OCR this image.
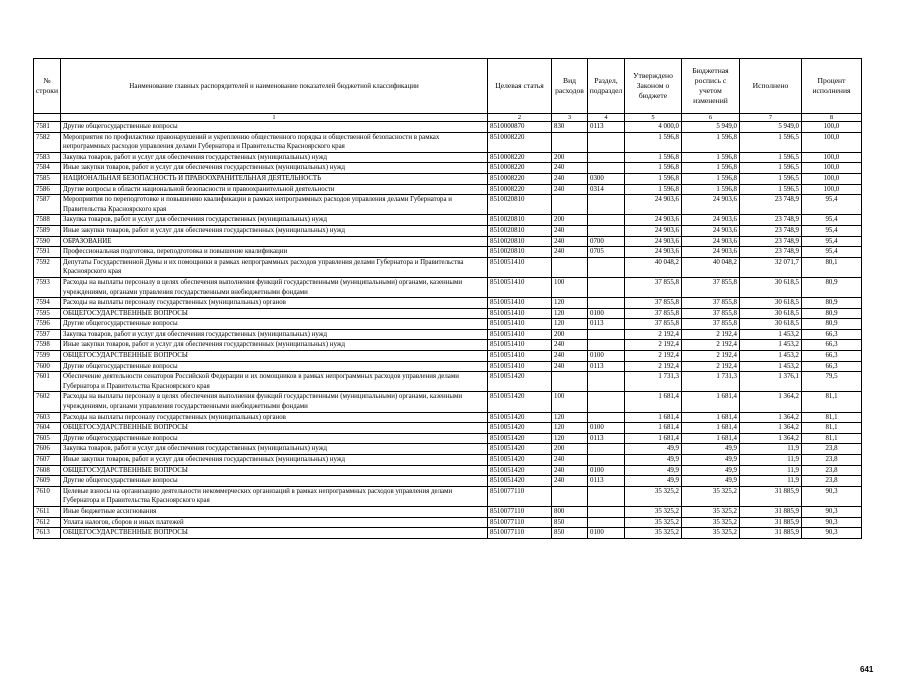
№ строки	Наименование главных распорядителей и наименование показателей бюджетной классификации	Целевая статья	Вид расходов	Раздел, подраздел	Утверждено Законом о бюджете	Бюджетная роспись с учетом изменений	Исполнено	Процент исполнения
	1	2	3	4	5	6	7	8
7581	Другие общегосударственные вопросы	8510000870	830	0113	4 000,0	5 949,0	5 949,0	100,0
7582	Мероприятия по профилактике правонарушений и укреплению общественного порядка и общественной безопасности в рамках непрограммных расходов управления делами Губернатора и Правительства Красноярского края	8510008220			1 596,8	1 596,8	1 596,5	100,0
7583	Закупка товаров, работ и услуг для обеспечения государственных (муниципальных) нужд	8510008220	200		1 596,8	1 596,8	1 596,5	100,0
7584	Иные закупки товаров, работ и услуг для обеспечения государственных (муниципальных) нужд	8510008220	240		1 596,8	1 596,8	1 596,5	100,0
7585	НАЦИОНАЛЬНАЯ БЕЗОПАСНОСТЬ И ПРАВООХРАНИТЕЛЬНАЯ ДЕЯТЕЛЬНОСТЬ	8510008220	240	0300	1 596,8	1 596,8	1 596,5	100,0
7586	Другие вопросы в области национальной безопасности и правоохранительной деятельности	8510008220	240	0314	1 596,8	1 596,8	1 596,5	100,0
7587	Мероприятия по переподготовке и повышению квалификации в рамках непрограммных расходов управления делами Губернатора и Правительства Красноярского края	8510020810			24 903,6	24 903,6	23 748,9	95,4
7588	Закупка товаров, работ и услуг для обеспечения государственных (муниципальных) нужд	8510020810	200		24 903,6	24 903,6	23 748,9	95,4
7589	Иные закупки товаров, работ и услуг для обеспечения государственных (муниципальных) нужд	8510020810	240		24 903,6	24 903,6	23 748,9	95,4
7590	ОБРАЗОВАНИЕ	8510020810	240	0700	24 903,6	24 903,6	23 748,9	95,4
7591	Профессиональная подготовка, переподготовка и повышение квалификации	8510020810	240	0705	24 903,6	24 903,6	23 748,9	95,4
7592	Депутаты Государственной Думы и их помощники в рамках непрограммных расходов управления делами Губернатора и Правительства Красноярского края	8510051410			40 048,2	40 048,2	32 071,7	80,1
7593	Расходы на выплаты персоналу в целях обеспечения выполнения функций государственными (муниципальными) органами, казенными учреждениями, органами управления государственными внебюджетными фондами	8510051410	100		37 855,8	37 855,8	30 618,5	80,9
7594	Расходы на выплаты персоналу государственных (муниципальных) органов	8510051410	120		37 855,8	37 855,8	30 618,5	80,9
7595	ОБЩЕГОСУДАРСТВЕННЫЕ ВОПРОСЫ	8510051410	120	0100	37 855,8	37 855,8	30 618,5	80,9
7596	Другие общегосударственные вопросы	8510051410	120	0113	37 855,8	37 855,8	30 618,5	80,9
7597	Закупка товаров, работ и услуг для обеспечения государственных (муниципальных) нужд	8510051410	200		2 192,4	2 192,4	1 453,2	66,3
7598	Иные закупки товаров, работ и услуг для обеспечения государственных (муниципальных) нужд	8510051410	240		2 192,4	2 192,4	1 453,2	66,3
7599	ОБЩЕГОСУДАРСТВЕННЫЕ ВОПРОСЫ	8510051410	240	0100	2 192,4	2 192,4	1 453,2	66,3
7600	Другие общегосударственные вопросы	8510051410	240	0113	2 192,4	2 192,4	1 453,2	66,3
7601	Обеспечение деятельности сенаторов Российской Федерации и их помощников в рамках непрограммных расходов управления делами Губернатора и Правительства Красноярского края	8510051420			1 731,3	1 731,3	1 376,1	79,5
7602	Расходы на выплаты персоналу в целях обеспечения выполнения функций государственными (муниципальными) органами, казенными учреждениями, органами управления государственными внебюджетными фондами	8510051420	100		1 681,4	1 681,4	1 364,2	81,1
7603	Расходы на выплаты персоналу государственных (муниципальных) органов	8510051420	120		1 681,4	1 681,4	1 364,2	81,1
7604	ОБЩЕГОСУДАРСТВЕННЫЕ ВОПРОСЫ	8510051420	120	0100	1 681,4	1 681,4	1 364,2	81,1
7605	Другие общегосударственные вопросы	8510051420	120	0113	1 681,4	1 681,4	1 364,2	81,1
7606	Закупка товаров, работ и услуг для обеспечения государственных (муниципальных) нужд	8510051420	200		49,9	49,9	11,9	23,8
7607	Иные закупки товаров, работ и услуг для обеспечения государственных (муниципальных) нужд	8510051420	240		49,9	49,9	11,9	23,8
7608	ОБЩЕГОСУДАРСТВЕННЫЕ ВОПРОСЫ	8510051420	240	0100	49,9	49,9	11,9	23,8
7609	Другие общегосударственные вопросы	8510051420	240	0113	49,9	49,9	11,9	23,8
7610	Целевые взносы на организацию деятельности некоммерческих организаций в рамках непрограммных расходов управления делами Губернатора и Правительства Красноярского края	8510077110			35 325,2	35 325,2	31 885,9	90,3
7611	Иные бюджетные ассигнования	8510077110	800		35 325,2	35 325,2	31 885,9	90,3
7612	Уплата налогов, сборов и иных платежей	8510077110	850		35 325,2	35 325,2	31 885,9	90,3
7613	ОБЩЕГОСУДАРСТВЕННЫЕ ВОПРОСЫ	8510077110	850	0100	35 325,2	35 325,2	31 885,9	90,3
641
